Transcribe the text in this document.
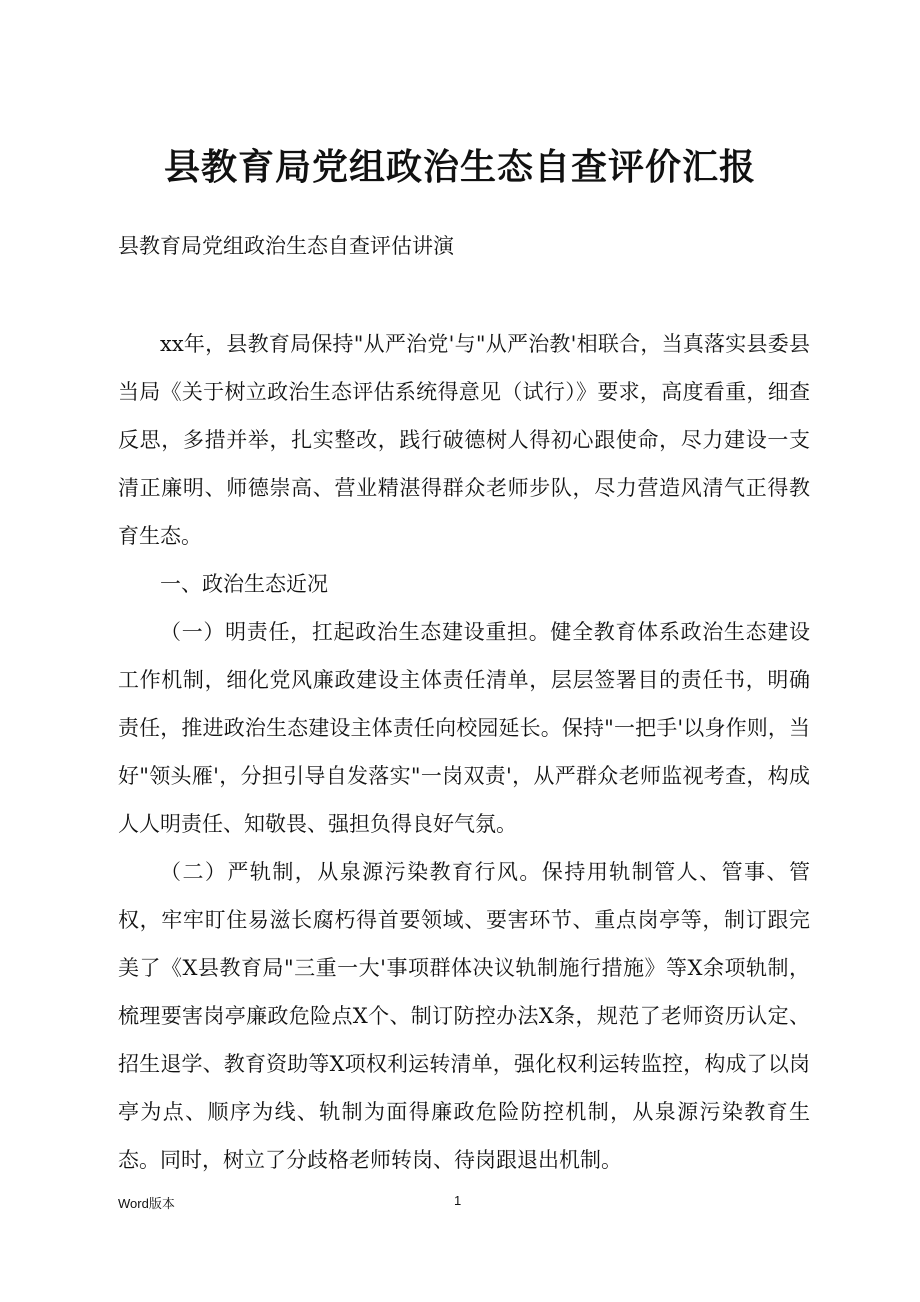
县教育局党组政治生态自查评价汇报

县教育局党组政治生态自查评估讲演

xx年，县教育局保持"从严治党'与"从严治教'相联合，当真落实县委县当局《关于树立政治生态评估系统得意见（试行）》要求，高度看重，细查反思，多措并举，扎实整改，践行破德树人得初心跟使命，尽力建设一支清正廉明、师德崇高、营业精湛得群众老师步队，尽力营造风清气正得教育生态。

一、政治生态近况

（一）明责任，扛起政治生态建设重担。健全教育体系政治生态建设工作机制，细化党风廉政建设主体责任清单，层层签署目的责任书，明确责任，推进政治生态建设主体责任向校园延长。保持"一把手'以身作则，当好"领头雁'，分担引导自发落实"一岗双责'，从严群众老师监视考查，构成人人明责任、知敬畏、强担负得良好气氛。

（二）严轨制，从泉源污染教育行风。保持用轨制管人、管事、管权，牢牢盯住易滋长腐朽得首要领域、要害环节、重点岗亭等，制订跟完美了《X县教育局"三重一大'事项群体决议轨制施行措施》等X余项轨制，梳理要害岗亭廉政危险点X个、制订防控办法X条，规范了老师资历认定、招生退学、教育资助等X项权利运转清单，强化权利运转监控，构成了以岗亭为点、顺序为线、轨制为面得廉政危险防控机制，从泉源污染教育生态。同时，树立了分歧格老师转岗、待岗跟退出机制。

Word版本	1
